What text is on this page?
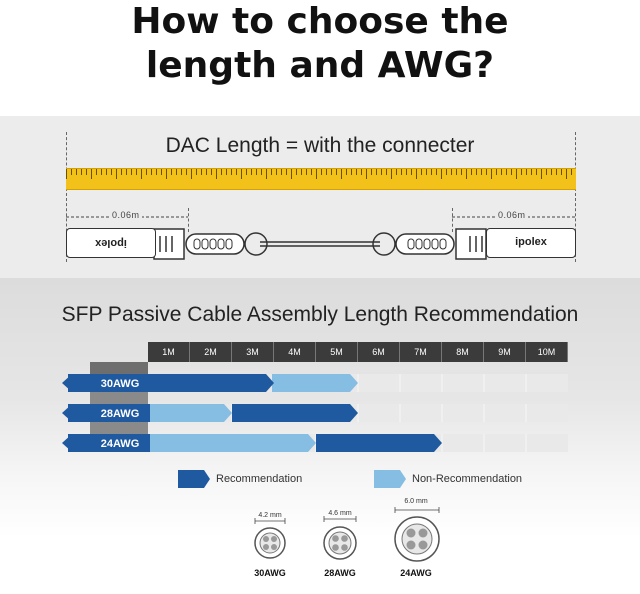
How to choose the
length and AWG?
DAC Length = with the connecter
0.06m	0.06m
ipolex	ipolex
SFP Passive Cable Assembly Length Recommendation
1M	2M	3M	4M	5M	6M	7M	8M	9M	10M
30AWG
28AWG
24AWG
Recommendation	Non-Recommendation
4.2 mm	4.6 mm
6.0 mm
30AWG	28AWG	24AWG
